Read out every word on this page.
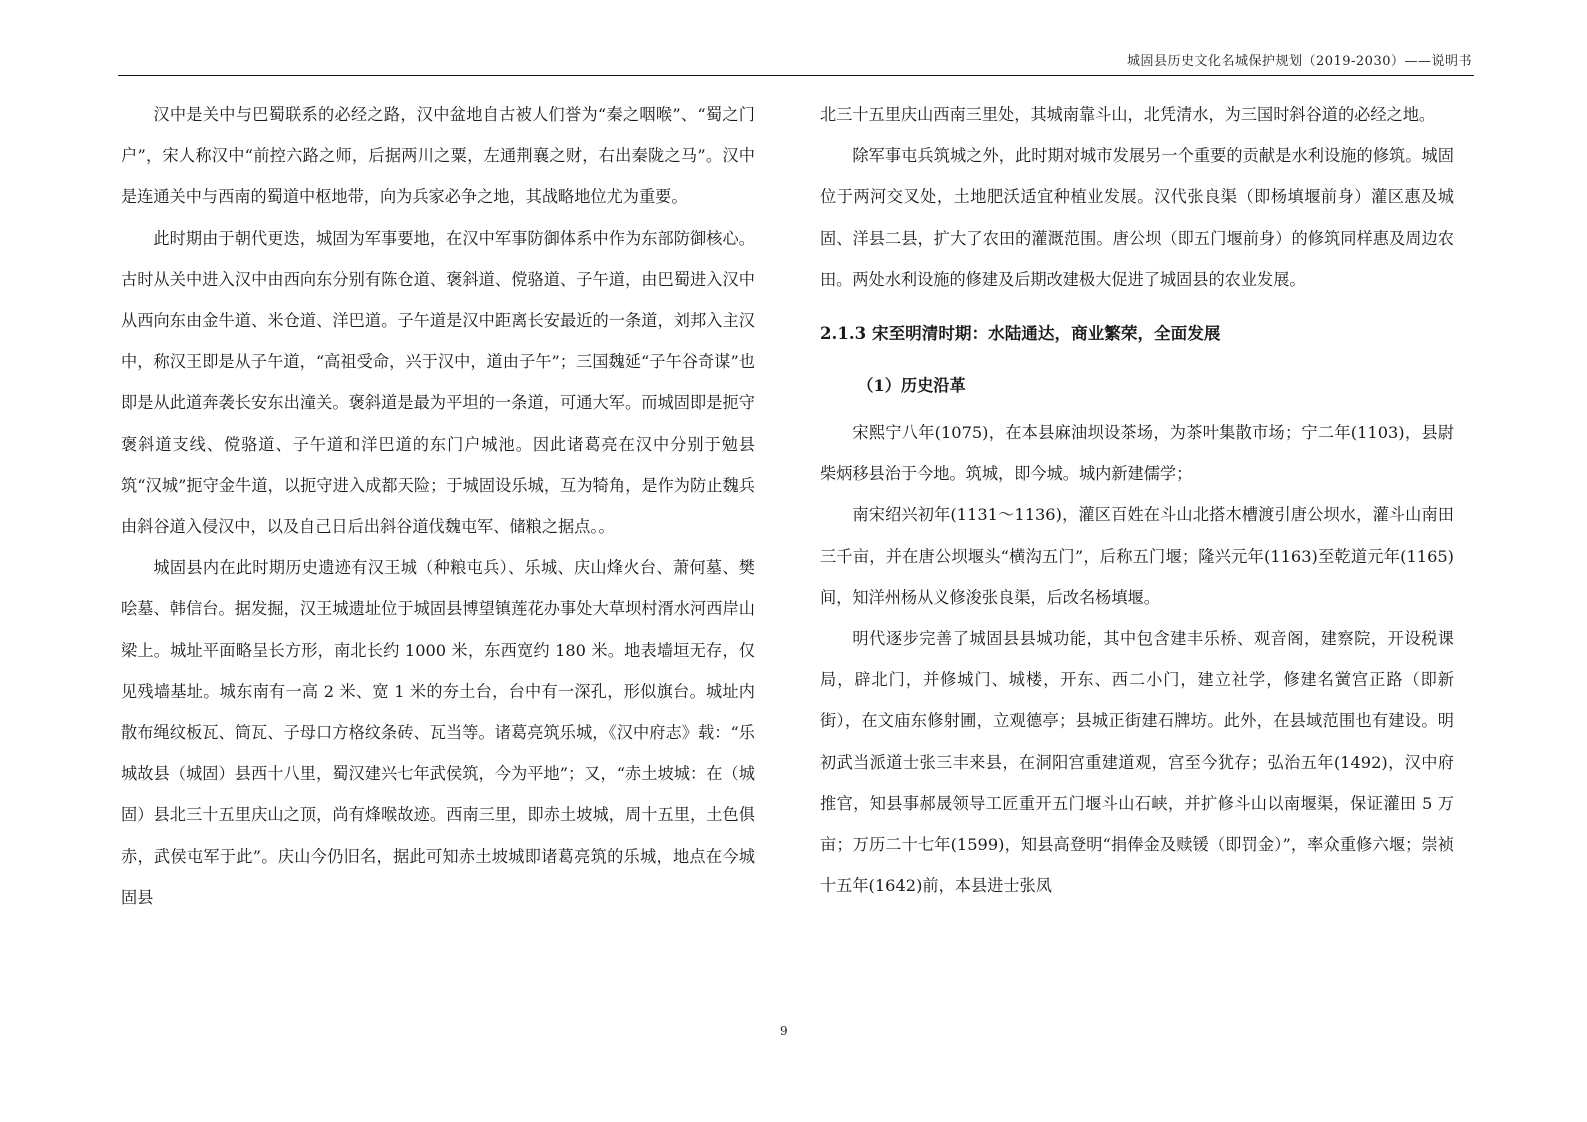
城固县历史文化名城保护规划（2019-2030）——说明书

汉中是关中与巴蜀联系的必经之路，汉中盆地自古被人们誉为“秦之咽喉”、“蜀之门户”，宋人称汉中“前控六路之师，后据两川之粟，左通荆襄之财，右出秦陇之马”。汉中是连通关中与西南的蜀道中枢地带，向为兵家必争之地，其战略地位尤为重要。

此时期由于朝代更迭，城固为军事要地，在汉中军事防御体系中作为东部防御核心。古时从关中进入汉中由西向东分别有陈仓道、褒斜道、傥骆道、子午道，由巴蜀进入汉中从西向东由金牛道、米仓道、洋巴道。子午道是汉中距离长安最近的一条道，刘邦入主汉中，称汉王即是从子午道，“高祖受命，兴于汉中，道由子午”；三国魏延“子午谷奇谋”也即是从此道奔袭长安东出潼关。褒斜道是最为平坦的一条道，可通大军。而城固即是扼守褒斜道支线、傥骆道、子午道和洋巴道的东门户城池。因此诸葛亮在汉中分别于勉县筑“汉城”扼守金牛道，以扼守进入成都天险；于城固设乐城，互为犄角，是作为防止魏兵由斜谷道入侵汉中，以及自己日后出斜谷道伐魏屯军、储粮之据点。。

城固县内在此时期历史遗迹有汉王城（种粮屯兵）、乐城、庆山烽火台、萧何墓、樊哙墓、韩信台。据发掘，汉王城遗址位于城固县博望镇莲花办事处大草坝村湑水河西岸山梁上。城址平面略呈长方形，南北长约 1000 米，东西宽约 180 米。地表墙垣无存，仅见残墙基址。城东南有一高 2 米、宽 1 米的夯土台，台中有一深孔，形似旗台。城址内散布绳纹板瓦、筒瓦、子母口方格纹条砖、瓦当等。诸葛亮筑乐城，《汉中府志》载：“乐城故县（城固）县西十八里，蜀汉建兴七年武侯筑，今为平地”；又，“赤土坡城：在（城固）县北三十五里庆山之顶，尚有烽喉故迹。西南三里，即赤土坡城，周十五里，土色俱赤，武侯屯军于此”。庆山今仍旧名，据此可知赤土坡城即诸葛亮筑的乐城，地点在今城固县

北三十五里庆山西南三里处，其城南靠斗山，北凭清水，为三国时斜谷道的必经之地。

除军事屯兵筑城之外，此时期对城市发展另一个重要的贡献是水利设施的修筑。城固位于两河交叉处，土地肥沃适宜种植业发展。汉代张良渠（即杨填堰前身）灌区惠及城固、洋县二县，扩大了农田的灌溉范围。唐公坝（即五门堰前身）的修筑同样惠及周边农田。两处水利设施的修建及后期改建极大促进了城固县的农业发展。

2.1.3 宋至明清时期：水陆通达，商业繁荣，全面发展
（1）历史沿革

宋熙宁八年(1075)，在本县麻油坝设茶场，为茶叶集散市场；宁二年(1103)，县尉柴炳移县治于今地。筑城，即今城。城内新建儒学；

南宋绍兴初年(1131～1136)，灌区百姓在斗山北搭木槽渡引唐公坝水，灌斗山南田三千亩，并在唐公坝堰头“横沟五门”，后称五门堰；隆兴元年(1163)至乾道元年(1165)间，知洋州杨从义修浚张良渠，后改名杨填堰。

明代逐步完善了城固县县城功能，其中包含建丰乐桥、观音阁，建察院，开设税课局，辟北门，并修城门、城楼，开东、西二小门，建立社学，修建名黉宫正路（即新街），在文庙东修射圃，立观德亭；县城正街建石牌坊。此外，在县域范围也有建设。明初武当派道士张三丰来县，在洞阳宫重建道观，宫至今犹存；弘治五年(1492)，汉中府推官，知县事郝晟领导工匠重开五门堰斗山石峡，并扩修斗山以南堰渠，保证灌田 5 万亩；万历二十七年(1599)，知县高登明“捐俸金及赎锾（即罚金）”，率众重修六堰；崇祯十五年(1642)前，本县进士张凤

9
